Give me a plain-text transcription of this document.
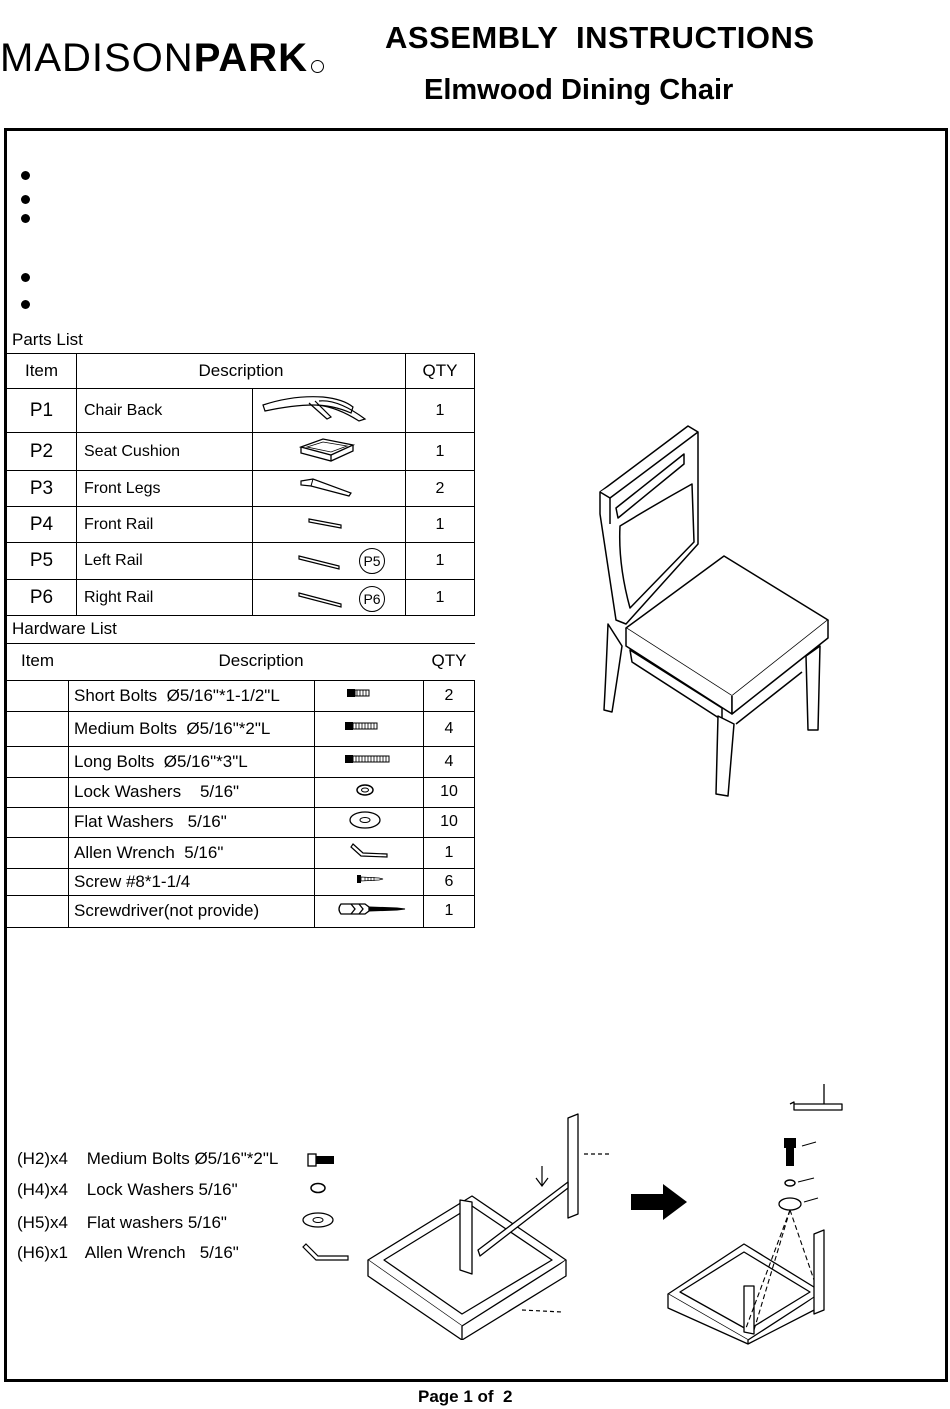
MADISONPARK	ASSEMBLY  INSTRUCTIONS
Elmwood Dining Chair
Parts List
Item	Description		QTY
P1	Chair Back		1
P2	Seat Cushion		1
P3	Front Legs		2
P4	Front Rail		1
P5	Left Rail	P5	1
P6	Right Rail	P6	1
Hardware List
Item	Description		QTY
	Short Bolts  Ø5/16"*1-1/2"L		2
	Medium Bolts  Ø5/16"*2"L		4
	Long Bolts  Ø5/16"*3"L		4
	Lock Washers    5/16"		10
	Flat Washers   5/16"		10
	Allen Wrench  5/16"		1
	Screw #8*1-1/4		6
	Screwdriver(not provide)		1
(H2)x4 Medium Bolts Ø5/16"*2"L
(H4)x4 Lock Washers 5/16"
(H5)x4 Flat washers 5/16"
(H6)x1 Allen Wrench   5/16"
Page 1 of  2
